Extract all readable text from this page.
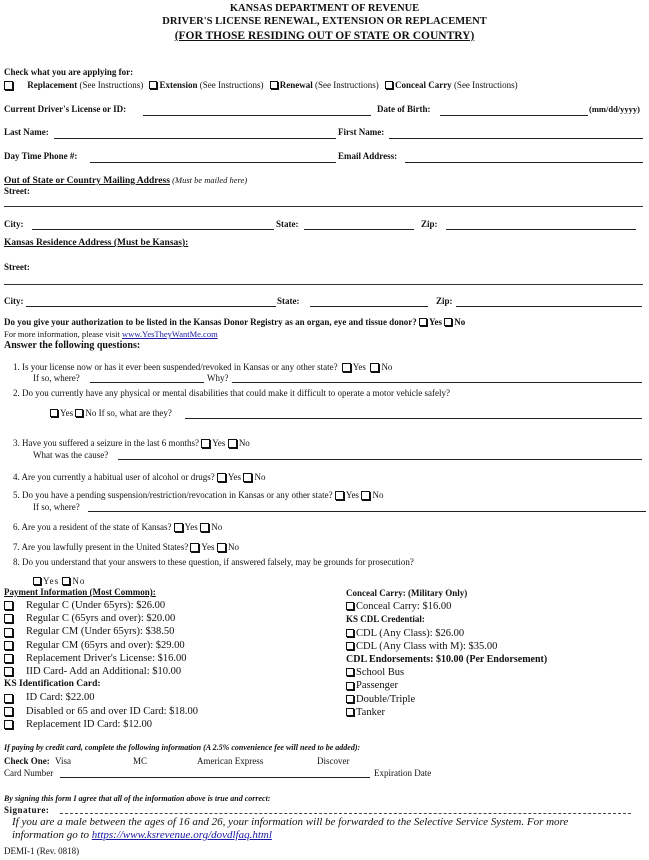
KANSAS DEPARTMENT OF REVENUE
DRIVER'S LICENSE RENEWAL, EXTENSION OR REPLACEMENT
(FOR THOSE RESIDING OUT OF STATE OR COUNTRY)
Check what you are applying for:
Replacement (See Instructions) Extension (See Instructions) Renewal (See Instructions) Conceal Carry (See Instructions)
Current Driver's License or ID:	Date of Birth:	(mm/dd/yyyy)
Last Name:	First Name:
Day Time Phone #:	Email Address:
Out of State or Country Mailing Address (Must be mailed here)
Street:
City:	State:	Zip:
Kansas Residence Address (Must be Kansas):
Street:
City:	State:	Zip:
Do you give your authorization to be listed in the Kansas Donor Registry as an organ, eye and tissue donor? Yes No
For more information, please visit www.YesTheyWantMe.com
Answer the following questions:
1. Is your license now or has it ever been suspended/revoked in Kansas or any other state? Yes No
If so, where?	Why?
2. Do you currently have any physical or mental disabilities that could make it difficult to operate a motor vehicle safely?
Yes No If so, what are they?
3. Have you suffered a seizure in the last 6 months? Yes No
What was the cause?
4. Are you currently a habitual user of alcohol or drugs? Yes No
5. Do you have a pending suspension/restriction/revocation in Kansas or any other state? Yes No
If so, where?
6. Are you a resident of the state of Kansas? Yes No
7. Are you lawfully present in the United States? Yes No
8. Do you understand that your answers to these question, if answered falsely, may be grounds for prosecution?
Yes No
Payment Information (Most Common):
Regular C (Under 65yrs): $26.00
Regular C (65yrs and over): $20.00
Regular CM (Under 65yrs): $38.50
Regular CM (65yrs and over): $29.00
Replacement Driver's License: $16.00
IID Card- Add an Additional: $10.00
KS Identification Card:
ID Card: $22.00
Disabled or 65 and over ID Card: $18.00
Replacement ID Card: $12.00
Conceal Carry: (Military Only)
Conceal Carry: $16.00
KS CDL Credential:
CDL (Any Class): $26.00
CDL (Any Class with M): $35.00
CDL Endorsements: $10.00 (Per Endorsement)
School Bus
Passenger
Double/Triple
Tanker
If paying by credit card, complete the following information (A 2.5% convenience fee will need to be added):
Check One: Visa	MC	American Express	Discover
Card Number	Expiration Date
By signing this form I agree that all of the information above is true and correct:
Signature:
If you are a male between the ages of 16 and 26, your information will be forwarded to the Selective Service System. For more
information go to https://www.ksrevenue.org/dovdlfaq.html
DEMI-1 (Rev. 0818)
